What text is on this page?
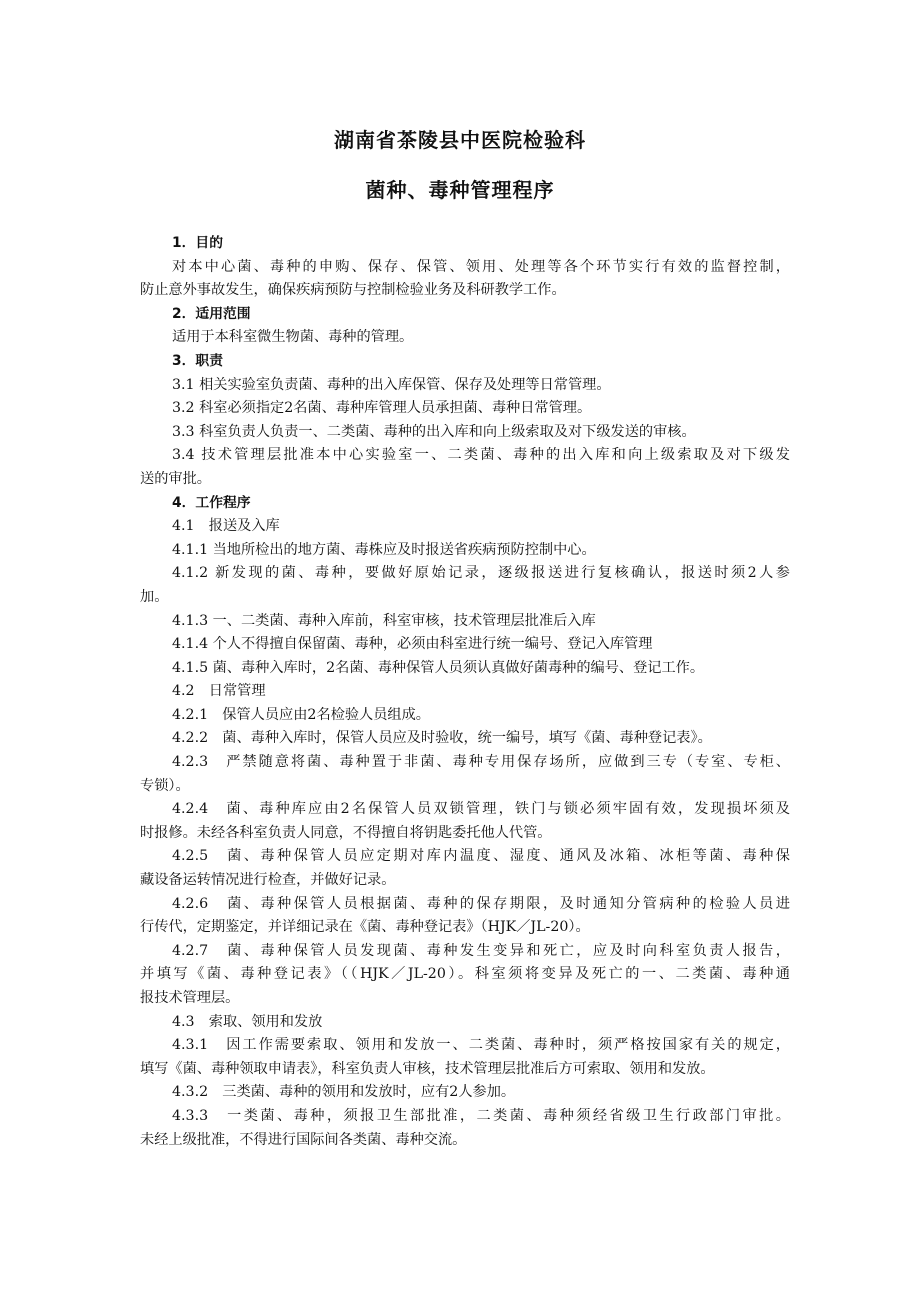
湖南省茶陵县中医院检验科
菌种、毒种管理程序
1．目的
对本中心菌、毒种的申购、保存、保管、领用、处理等各个环节实行有效的监督控制，
防止意外事故发生，确保疾病预防与控制检验业务及科研教学工作。
2．适用范围
适用于本科室微生物菌、毒种的管理。
3．职责
3.1 相关实验室负责菌、毒种的出入库保管、保存及处理等日常管理。
3.2 科室必须指定2名菌、毒种库管理人员承担菌、毒种日常管理。
3.3 科室负责人负责一、二类菌、毒种的出入库和向上级索取及对下级发送的审核。
3.4 技术管理层批准本中心实验室一、二类菌、毒种的出入库和向上级索取及对下级发
送的审批。
4．工作程序
4.1　报送及入库
4.1.1 当地所检出的地方菌、毒株应及时报送省疾病预防控制中心。
4.1.2 新发现的菌、毒种，要做好原始记录，逐级报送进行复核确认，报送时须2人参
加。
4.1.3 一、二类菌、毒种入库前，科室审核，技术管理层批准后入库
4.1.4 个人不得擅自保留菌、毒种，必须由科室进行统一编号、登记入库管理
4.1.5 菌、毒种入库时，2名菌、毒种保管人员须认真做好菌毒种的编号、登记工作。
4.2　日常管理
4.2.1　保管人员应由2名检验人员组成。
4.2.2　菌、毒种入库时，保管人员应及时验收，统一编号，填写《菌、毒种登记表》。
4.2.3　严禁随意将菌、毒种置于非菌、毒种专用保存场所，应做到三专（专室、专柜、
专锁）。
4.2.4　菌、毒种库应由2名保管人员双锁管理，铁门与锁必须牢固有效，发现损坏须及
时报修。未经各科室负责人同意，不得擅自将钥匙委托他人代管。
4.2.5　菌、毒种保管人员应定期对库内温度、湿度、通风及冰箱、冰柜等菌、毒种保
藏设备运转情况进行检查，并做好记录。
4.2.6　菌、毒种保管人员根据菌、毒种的保存期限，及时通知分管病种的检验人员进
行传代，定期鉴定，并详细记录在《菌、毒种登记表》（HJK／JL-20）。
4.2.7　菌、毒种保管人员发现菌、毒种发生变异和死亡，应及时向科室负责人报告，
并填写《菌、毒种登记表》（（HJK／JL-20）。科室须将变异及死亡的一、二类菌、毒种通
报技术管理层。
4.3　索取、领用和发放
4.3.1　因工作需要索取、领用和发放一、二类菌、毒种时，须严格按国家有关的规定，
填写《菌、毒种领取申请表》，科室负责人审核，技术管理层批准后方可索取、领用和发放。
4.3.2　三类菌、毒种的领用和发放时，应有2人参加。
4.3.3　一类菌、毒种，须报卫生部批准，二类菌、毒种须经省级卫生行政部门审批。
未经上级批准，不得进行国际间各类菌、毒种交流。
